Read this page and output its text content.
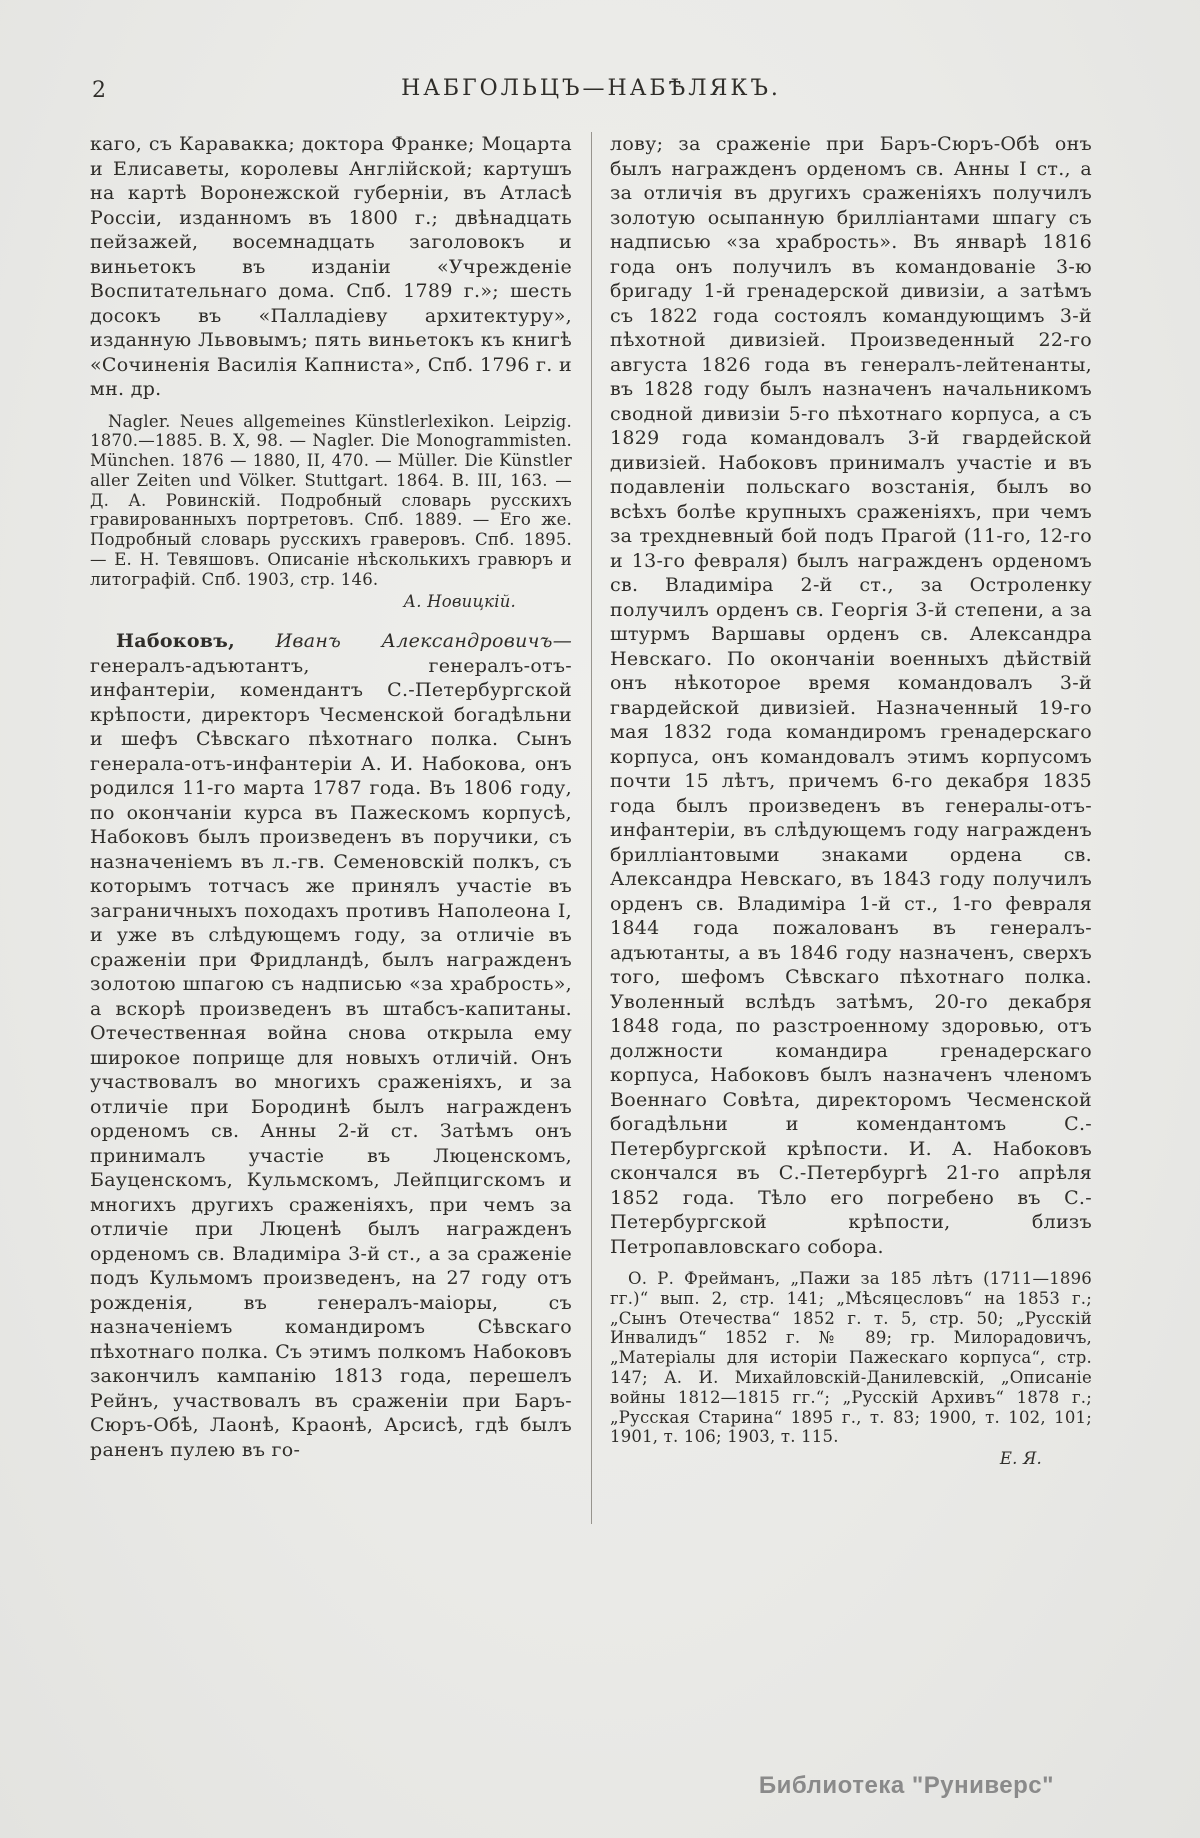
2	НАБГОЛЬЦЪ—НАБѢЛЯКЪ.

каго, съ Каравакка; доктора Франке; Моцарта и Елисаветы, королевы Англійской; картушъ на картѣ Воронежской губерніи, въ Атласѣ Россіи, изданномъ въ 1800 г.; двѣнадцать пейзажей, восемнадцать заголовокъ и виньетокъ въ изданіи «Учрежденіе Воспитательнаго дома. Спб. 1789 г.»; шесть досокъ въ «Палладіеву архитектуру», изданную Львовымъ; пять виньетокъ къ книгѣ «Сочиненія Василія Капниста», Спб. 1796 г. и мн. др.

Nagler. Neues allgemeines Künstlerlexikon. Leipzig. 1870.—1885. B. X, 98. — Nagler. Die Monogrammisten. München. 1876 — 1880, II, 470. — Müller. Die Künstler aller Zeiten und Völker. Stuttgart. 1864. B. III, 163. — Д. А. Ровинскій. Подробный словарь русскихъ гравированныхъ портретовъ. Спб. 1889. — Его же. Подробный словарь русскихъ граверовъ. Спб. 1895. — Е. Н. Тевяшовъ. Описаніе нѣсколькихъ гравюръ и литографій. Спб. 1903, стр. 146.

А. Новицкій.

Набоковъ, Иванъ Александровичъ—генералъ-адъютантъ, генералъ-отъ-инфантеріи, комендантъ С.-Петербургской крѣпости, директоръ Чесменской богадѣльни и шефъ Сѣвскаго пѣхотнаго полка. Сынъ генерала-отъ-инфантеріи А. И. Набокова, онъ родился 11-го марта 1787 года. Въ 1806 году, по окончаніи курса въ Пажескомъ корпусѣ, Набоковъ былъ произведенъ въ поручики, съ назначеніемъ въ л.-гв. Семеновскій полкъ, съ которымъ тотчасъ же принялъ участіе въ заграничныхъ походахъ противъ Наполеона I, и уже въ слѣдующемъ году, за отличіе въ сраженіи при Фридландѣ, былъ награжденъ золотою шпагою съ надписью «за храбрость», а вскорѣ произведенъ въ штабсъ-капитаны. Отечественная война снова открыла ему широкое поприще для новыхъ отличій. Онъ участвовалъ во многихъ сраженіяхъ, и за отличіе при Бородинѣ былъ награжденъ орденомъ св. Анны 2-й ст. Затѣмъ онъ принималъ участіе въ Люценскомъ, Бауценскомъ, Кульмскомъ, Лейпцигскомъ и многихъ другихъ сраженіяхъ, при чемъ за отличіе при Люценѣ былъ награжденъ орденомъ св. Владиміра 3-й ст., а за сраженіе подъ Кульмомъ произведенъ, на 27 году отъ рожденія, въ генералъ-маіоры, съ назначеніемъ командиромъ Сѣвскаго пѣхотнаго полка. Съ этимъ полкомъ Набоковъ закончилъ кампанію 1813 года, перешелъ Рейнъ, участвовалъ въ сраженіи при Баръ-Сюръ-Обѣ, Лаонѣ, Краонѣ, Арсисѣ, гдѣ былъ раненъ пулею въ го-

лову; за сраженіе при Баръ-Сюръ-Обѣ онъ былъ награжденъ орденомъ св. Анны I ст., а за отличія въ другихъ сраженіяхъ получилъ золотую осыпанную брилліантами шпагу съ надписью «за храбрость». Въ январѣ 1816 года онъ получилъ въ командованіе 3-ю бригаду 1-й гренадерской дивизіи, а затѣмъ съ 1822 года состоялъ командующимъ 3-й пѣхотной дивизіей. Произведенный 22-го августа 1826 года въ генералъ-лейтенанты, въ 1828 году былъ назначенъ начальникомъ сводной дивизіи 5-го пѣхотнаго корпуса, а съ 1829 года командовалъ 3-й гвардейской дивизіей. Набоковъ принималъ участіе и въ подавленіи польскаго возстанія, былъ во всѣхъ болѣе крупныхъ сраженіяхъ, при чемъ за трехдневный бой подъ Прагой (11-го, 12-го и 13-го февраля) былъ награжденъ орденомъ св. Владиміра 2-й ст., за Остроленку получилъ орденъ св. Георгія 3-й степени, а за штурмъ Варшавы орденъ св. Александра Невскаго. По окончаніи военныхъ дѣйствій онъ нѣкоторое время командовалъ 3-й гвардейской дивизіей. Назначенный 19-го мая 1832 года командиромъ гренадерскаго корпуса, онъ командовалъ этимъ корпусомъ почти 15 лѣтъ, причемъ 6-го декабря 1835 года былъ произведенъ въ генералы-отъ-инфантеріи, въ слѣдующемъ году награжденъ брилліантовыми знаками ордена св. Александра Невскаго, въ 1843 году получилъ орденъ св. Владиміра 1-й ст., 1-го февраля 1844 года пожалованъ въ генералъ-адъютанты, а въ 1846 году назначенъ, сверхъ того, шефомъ Сѣвскаго пѣхотнаго полка. Уволенный вслѣдъ затѣмъ, 20-го декабря 1848 года, по разстроенному здоровью, отъ должности командира гренадерскаго корпуса, Набоковъ былъ назначенъ членомъ Военнаго Совѣта, директоромъ Чесменской богадѣльни и комендантомъ С.-Петербургской крѣпости. И. А. Набоковъ скончался въ С.-Петербургѣ 21-го апрѣля 1852 года. Тѣло его погребено въ С.-Петербургской крѣпости, близъ Петропавловскаго собора.

О. Р. Фрейманъ, „Пажи за 185 лѣтъ (1711—1896 гг.)“ вып. 2, стр. 141; „Мѣсяцесловъ“ на 1853 г.; „Сынъ Отечества“ 1852 г. т. 5, стр. 50; „Русскій Инвалидъ“ 1852 г. № 89; гр. Милорадовичъ, „Матеріалы для исторіи Пажескаго корпуса“, стр. 147; А. И. Михайловскій-Данилевскій, „Описаніе войны 1812—1815 гг.“; „Русскій Архивъ“ 1878 г.; „Русская Старина“ 1895 г., т. 83; 1900, т. 102, 101; 1901, т. 106; 1903, т. 115.

Е. Я.

Библиотека "Руниверс"
